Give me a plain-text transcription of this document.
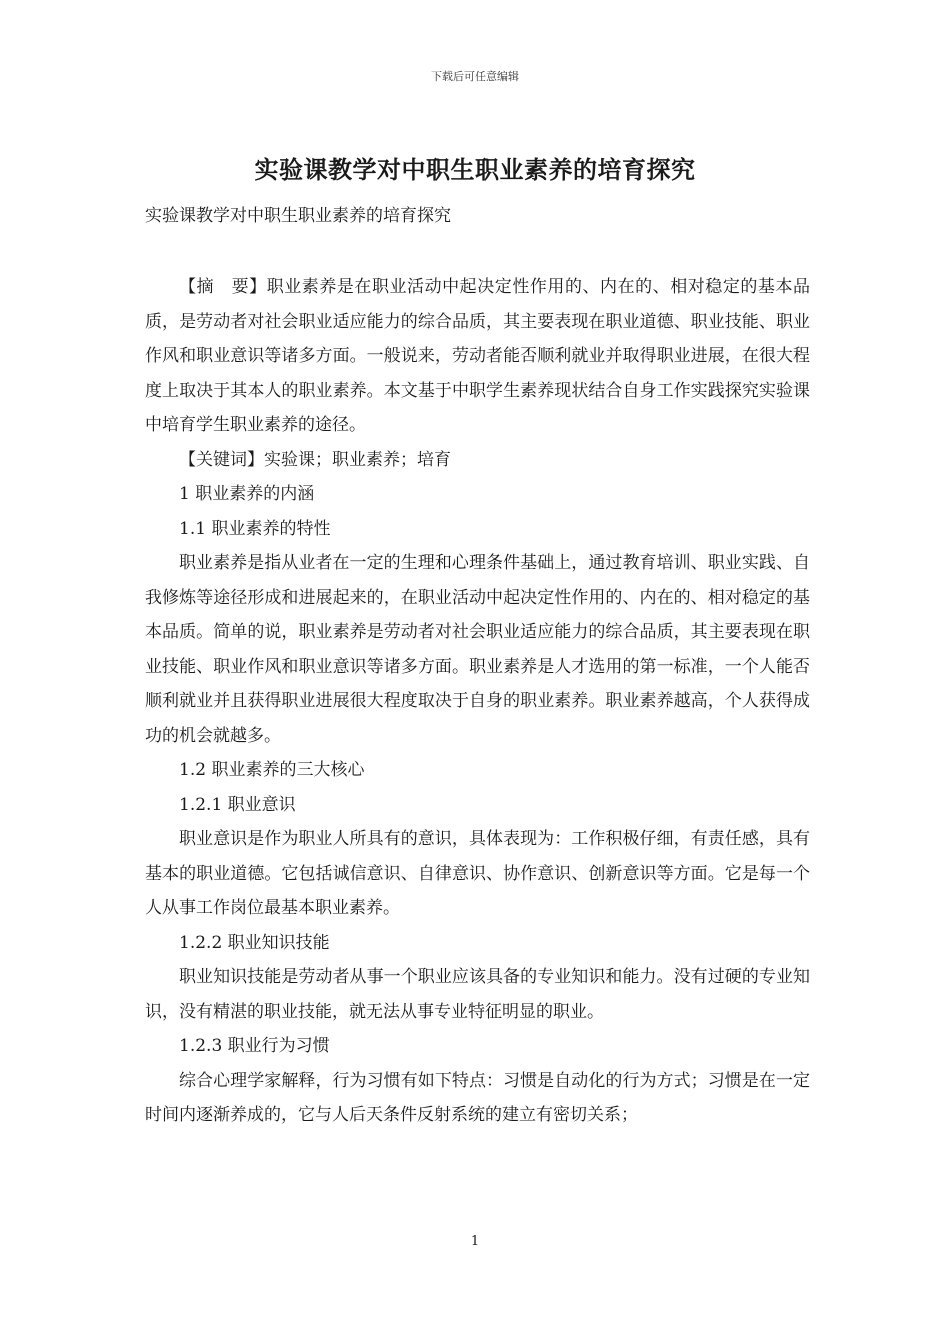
下载后可任意编辑
实验课教学对中职生职业素养的培育探究
实验课教学对中职生职业素养的培育探究

【摘　要】职业素养是在职业活动中起决定性作用的、内在的、相对稳定的基本品质，是劳动者对社会职业适应能力的综合品质，其主要表现在职业道德、职业技能、职业作风和职业意识等诸多方面。一般说来，劳动者能否顺利就业并取得职业进展，在很大程度上取决于其本人的职业素养。本文基于中职学生素养现状结合自身工作实践探究实验课中培育学生职业素养的途径。

【关键词】实验课；职业素养；培育

1 职业素养的内涵

1.1 职业素养的特性

职业素养是指从业者在一定的生理和心理条件基础上，通过教育培训、职业实践、自我修炼等途径形成和进展起来的，在职业活动中起决定性作用的、内在的、相对稳定的基本品质。简单的说，职业素养是劳动者对社会职业适应能力的综合品质，其主要表现在职业技能、职业作风和职业意识等诸多方面。职业素养是人才选用的第一标准，一个人能否顺利就业并且获得职业进展很大程度取决于自身的职业素养。职业素养越高，个人获得成功的机会就越多。

1.2 职业素养的三大核心

1.2.1 职业意识

职业意识是作为职业人所具有的意识，具体表现为：工作积极仔细，有责任感，具有基本的职业道德。它包括诚信意识、自律意识、协作意识、创新意识等方面。它是每一个人从事工作岗位最基本职业素养。

1.2.2 职业知识技能

职业知识技能是劳动者从事一个职业应该具备的专业知识和能力。没有过硬的专业知识，没有精湛的职业技能，就无法从事专业特征明显的职业。

1.2.3 职业行为习惯

综合心理学家解释，行为习惯有如下特点：习惯是自动化的行为方式；习惯是在一定时间内逐渐养成的，它与人后天条件反射系统的建立有密切关系；

1
